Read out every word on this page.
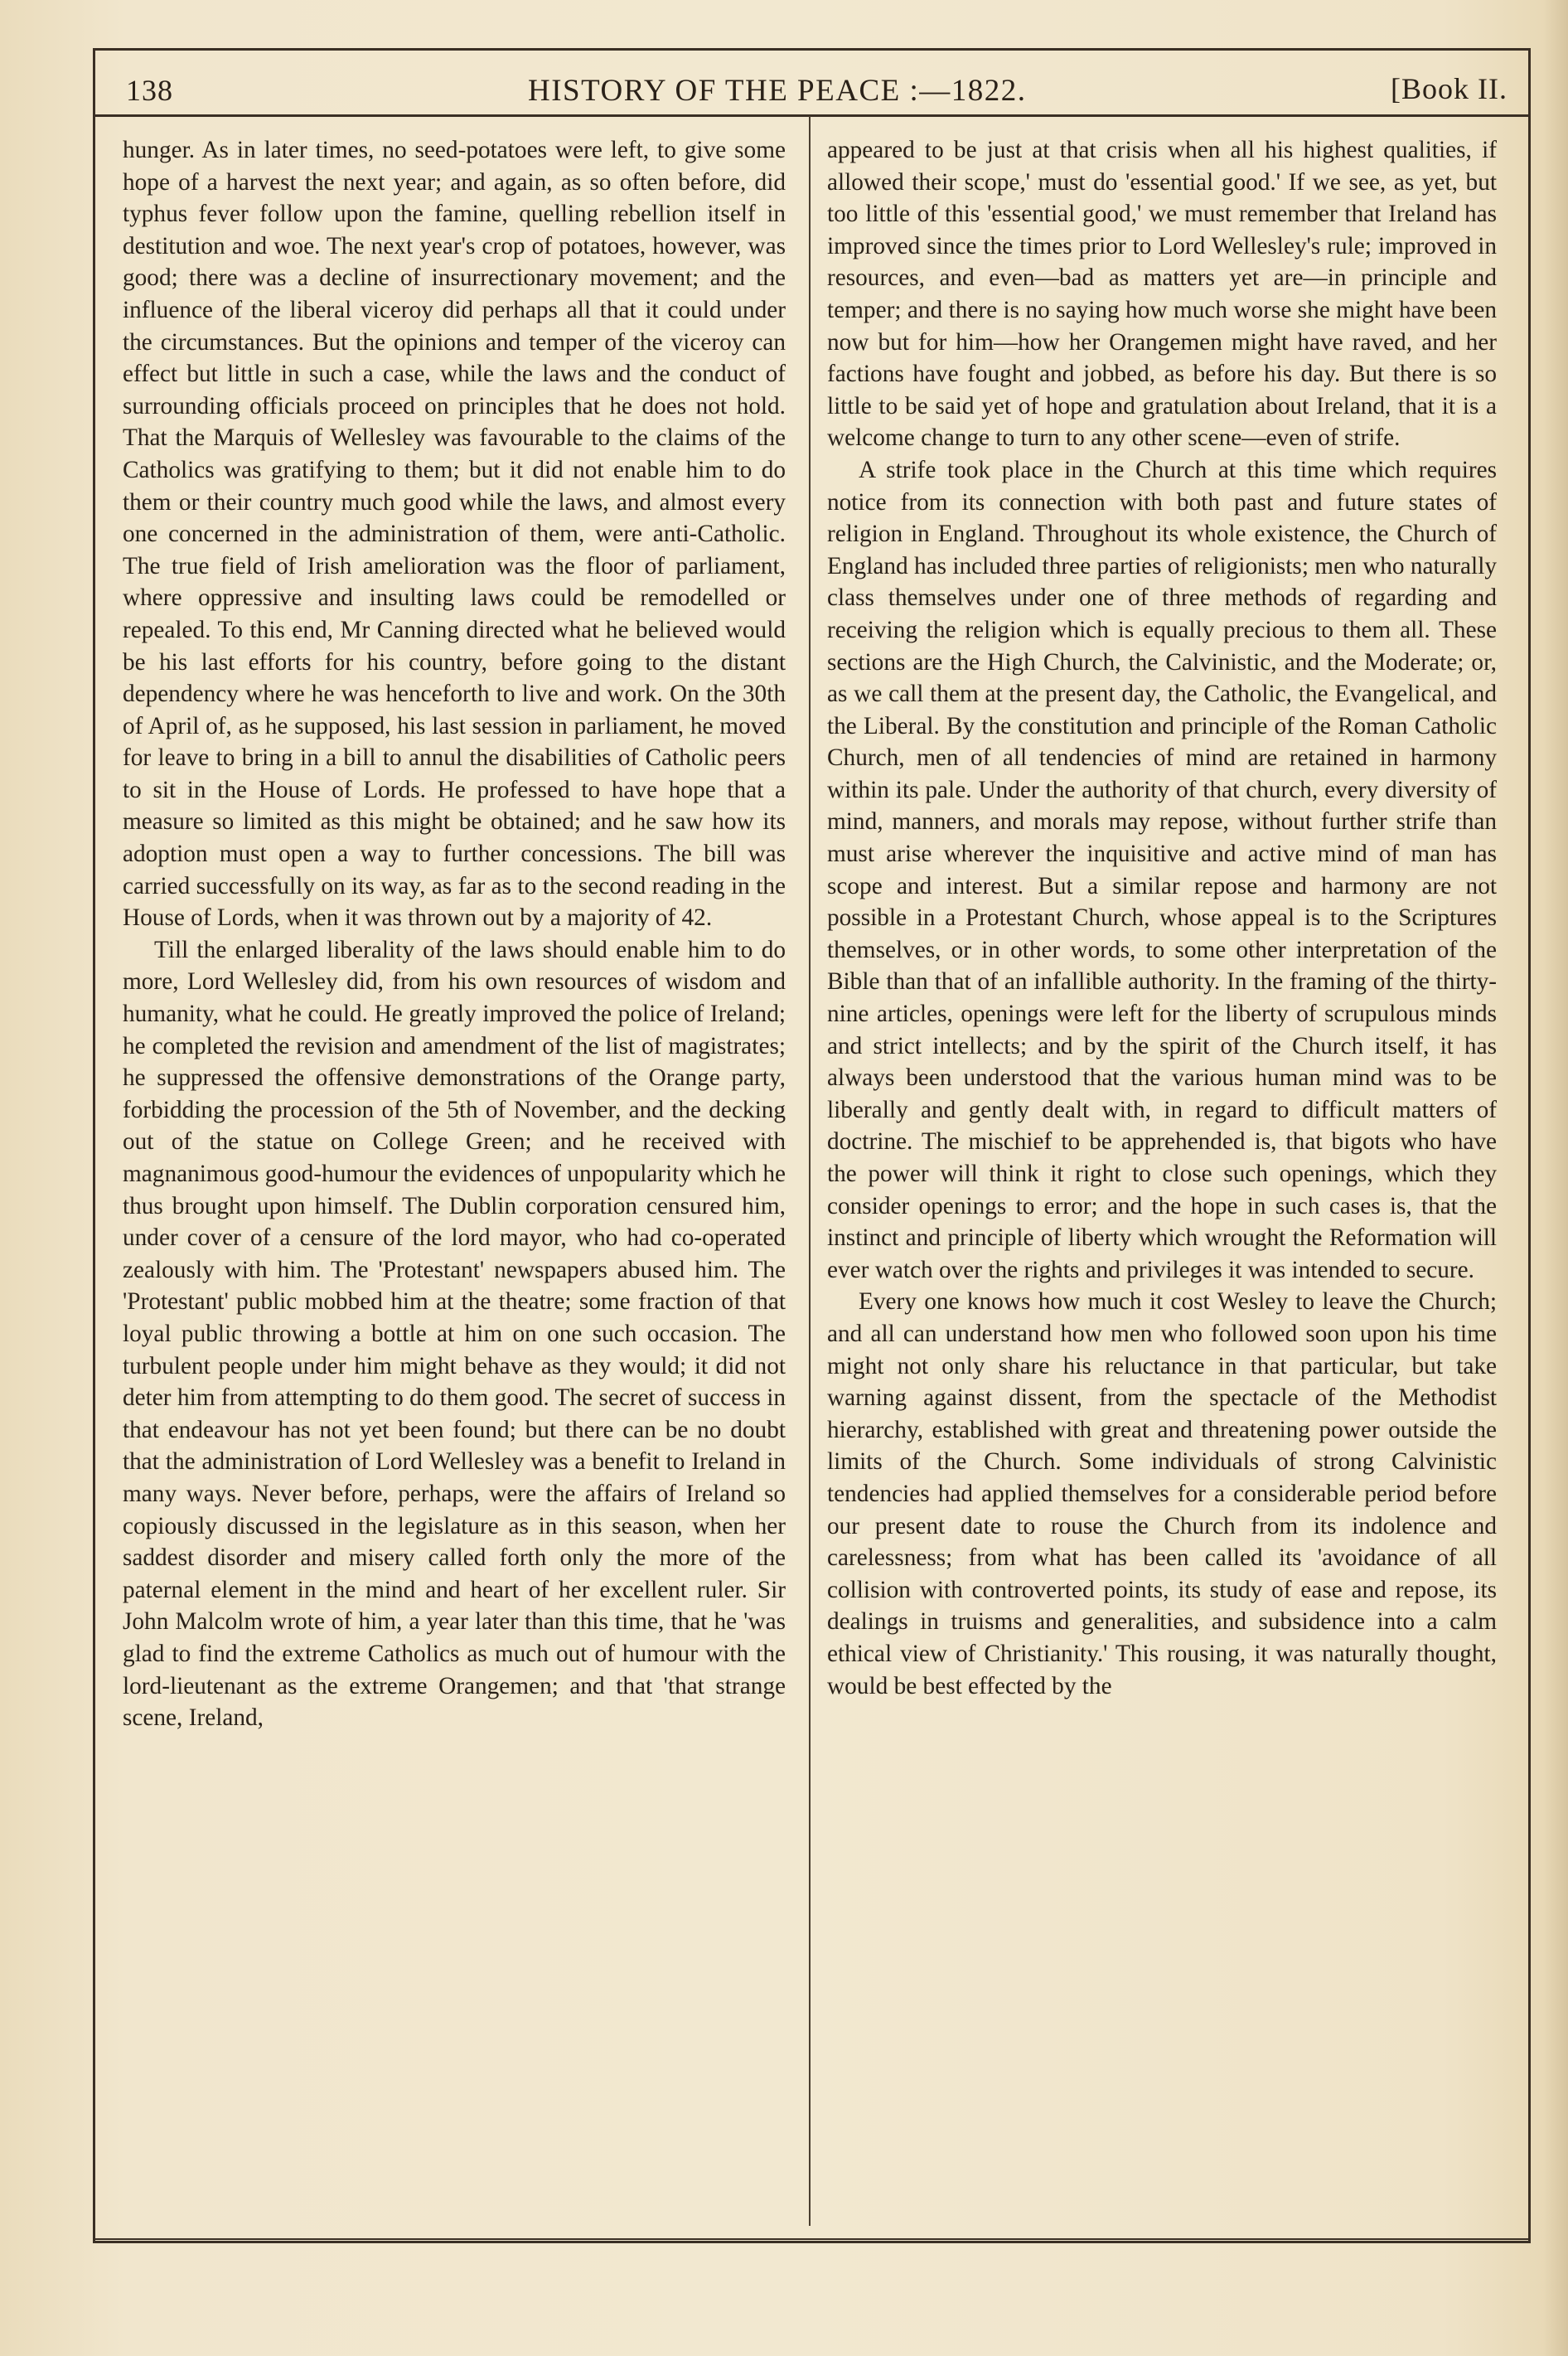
138	HISTORY OF THE PEACE :—1822.	[Book II.

hunger. As in later times, no seed-potatoes were left, to give some hope of a harvest the next year; and again, as so often before, did typhus fever follow upon the famine, quelling rebellion itself in destitution and woe. The next year's crop of potatoes, however, was good; there was a decline of insurrectionary movement; and the influence of the liberal viceroy did perhaps all that it could under the circumstances. But the opinions and temper of the viceroy can effect but little in such a case, while the laws and the conduct of surrounding officials proceed on principles that he does not hold. That the Marquis of Wellesley was favourable to the claims of the Catholics was gratifying to them; but it did not enable him to do them or their country much good while the laws, and almost every one concerned in the administration of them, were anti-Catholic. The true field of Irish amelioration was the floor of parliament, where oppressive and insulting laws could be remodelled or repealed. To this end, Mr Canning directed what he believed would be his last efforts for his country, before going to the distant dependency where he was henceforth to live and work. On the 30th of April of, as he supposed, his last session in parliament, he moved for leave to bring in a bill to annul the disabilities of Catholic peers to sit in the House of Lords. He professed to have hope that a measure so limited as this might be obtained; and he saw how its adoption must open a way to further concessions. The bill was carried successfully on its way, as far as to the second reading in the House of Lords, when it was thrown out by a majority of 42.

Till the enlarged liberality of the laws should enable him to do more, Lord Wellesley did, from his own resources of wisdom and humanity, what he could. He greatly improved the police of Ireland; he completed the revision and amendment of the list of magistrates; he suppressed the offensive demonstrations of the Orange party, forbidding the procession of the 5th of November, and the decking out of the statue on College Green; and he received with magnanimous good-humour the evidences of unpopularity which he thus brought upon himself. The Dublin corporation censured him, under cover of a censure of the lord mayor, who had co-operated zealously with him. The 'Protestant' newspapers abused him. The 'Protestant' public mobbed him at the theatre; some fraction of that loyal public throwing a bottle at him on one such occasion. The turbulent people under him might behave as they would; it did not deter him from attempting to do them good. The secret of success in that endeavour has not yet been found; but there can be no doubt that the administration of Lord Wellesley was a benefit to Ireland in many ways. Never before, perhaps, were the affairs of Ireland so copiously discussed in the legislature as in this season, when her saddest disorder and misery called forth only the more of the paternal element in the mind and heart of her excellent ruler. Sir John Malcolm wrote of him, a year later than this time, that he 'was glad to find the extreme Catholics as much out of humour with the lord-lieutenant as the extreme Orangemen; and that 'that strange scene, Ireland,

appeared to be just at that crisis when all his highest qualities, if allowed their scope,' must do 'essential good.' If we see, as yet, but too little of this 'essential good,' we must remember that Ireland has improved since the times prior to Lord Wellesley's rule; improved in resources, and even—bad as matters yet are—in principle and temper; and there is no saying how much worse she might have been now but for him—how her Orangemen might have raved, and her factions have fought and jobbed, as before his day. But there is so little to be said yet of hope and gratulation about Ireland, that it is a welcome change to turn to any other scene—even of strife.

A strife took place in the Church at this time which requires notice from its connection with both past and future states of religion in England. Throughout its whole existence, the Church of England has included three parties of religionists; men who naturally class themselves under one of three methods of regarding and receiving the religion which is equally precious to them all. These sections are the High Church, the Calvinistic, and the Moderate; or, as we call them at the present day, the Catholic, the Evangelical, and the Liberal. By the constitution and principle of the Roman Catholic Church, men of all tendencies of mind are retained in harmony within its pale. Under the authority of that church, every diversity of mind, manners, and morals may repose, without further strife than must arise wherever the inquisitive and active mind of man has scope and interest. But a similar repose and harmony are not possible in a Protestant Church, whose appeal is to the Scriptures themselves, or in other words, to some other interpretation of the Bible than that of an infallible authority. In the framing of the thirty-nine articles, openings were left for the liberty of scrupulous minds and strict intellects; and by the spirit of the Church itself, it has always been understood that the various human mind was to be liberally and gently dealt with, in regard to difficult matters of doctrine. The mischief to be apprehended is, that bigots who have the power will think it right to close such openings, which they consider openings to error; and the hope in such cases is, that the instinct and principle of liberty which wrought the Reformation will ever watch over the rights and privileges it was intended to secure.

Every one knows how much it cost Wesley to leave the Church; and all can understand how men who followed soon upon his time might not only share his reluctance in that particular, but take warning against dissent, from the spectacle of the Methodist hierarchy, established with great and threatening power outside the limits of the Church. Some individuals of strong Calvinistic tendencies had applied themselves for a considerable period before our present date to rouse the Church from its indolence and carelessness; from what has been called its 'avoidance of all collision with controverted points, its study of ease and repose, its dealings in truisms and generalities, and subsidence into a calm ethical view of Christianity.' This rousing, it was naturally thought, would be best effected by the
